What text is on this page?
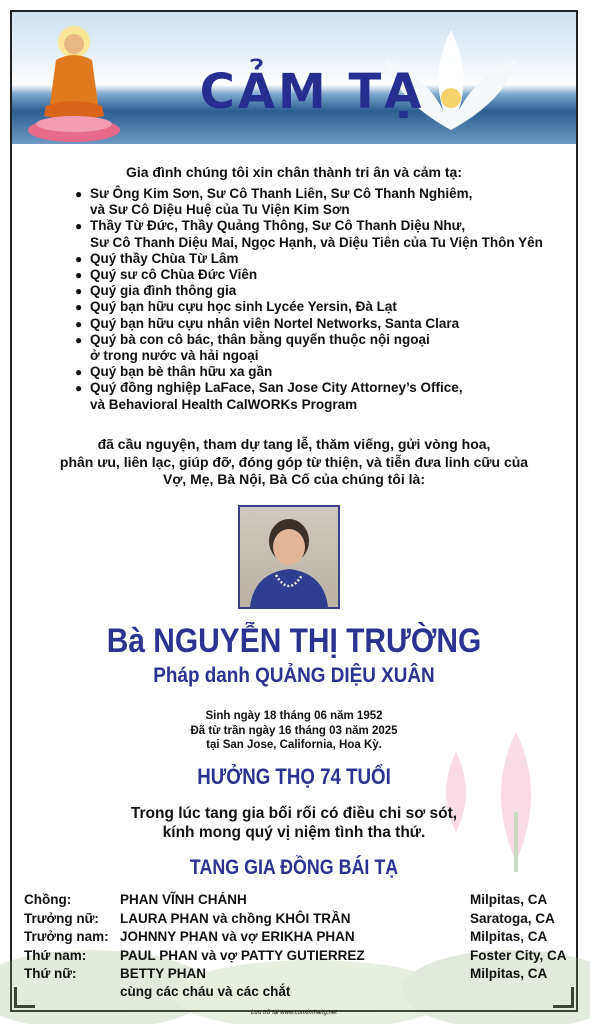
CẢM TẠ
Gia đình chúng tôi xin chân thành tri ân và cảm tạ:
● Sư Ông Kim Sơn, Sư Cô Thanh Liên, Sư Cô Thanh Nghiêm,
và Sư Cô Diệu Huệ của Tu Viện Kim Sơn
● Thầy Từ Đức, Thầy Quảng Thông, Sư Cô Thanh Diệu Như,
Sư Cô Thanh Diệu Mai, Ngọc Hạnh, và Diệu Tiên của Tu Viện Thôn Yên
● Quý thầy Chùa Từ Lâm
● Quý sư cô Chùa Đức Viên
● Quý gia đình thông gia
● Quý bạn hữu cựu học sinh Lycée Yersin, Đà Lạt
● Quý bạn hữu cựu nhân viên Nortel Networks, Santa Clara
● Quý bà con cô bác, thân bằng quyến thuộc nội ngoại
ở trong nước và hải ngoại
● Quý bạn bè thân hữu xa gần
● Quý đồng nghiệp LaFace, San Jose City Attorney’s Office,
và Behavioral Health CalWORKs Program
đã cầu nguyện, tham dự tang lễ, thăm viếng, gửi vòng hoa,
phân ưu, liên lạc, giúp đỡ, đóng góp từ thiện, và tiễn đưa linh cữu của
Vợ, Mẹ, Bà Nội, Bà Cố của chúng tôi là:
Bà NGUYỄN THỊ TRƯỜNG
Pháp danh QUẢNG DIỆU XUÂN
Sinh ngày 18 tháng 06 năm 1952
Đã từ trần ngày 16 tháng 03 năm 2025
tại San Jose, California, Hoa Kỳ.
HƯỞNG THỌ 74 TUỔI
Trong lúc tang gia bối rối có điều chi sơ sót,
kính mong quý vị niệm tình tha thứ.
TANG GIA ĐỒNG BÁI TẠ
Chồng:	PHAN VĨNH CHÁNH	Milpitas, CA
Trưởng nữ: LAURA PHAN và chồng KHÔI TRẦN	Saratoga, CA
Trưởng nam: JOHNNY PHAN và vợ ERIKHA PHAN	Milpitas, CA
Thứ nam: PAUL PHAN và vợ PATTY GUTIERREZ	Foster City, CA
Thứ nữ:	BETTY PHAN	Milpitas, CA
cùng các cháu và các chắt
Lưu trữ tại www.conximhang.net
